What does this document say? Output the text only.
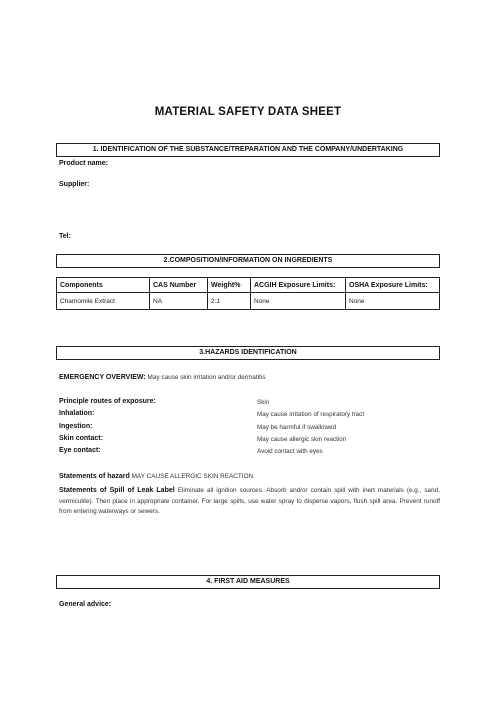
MATERIAL SAFETY DATA SHEET
1. IDENTIFICATION OF THE SUBSTANCE/TREPARATION AND THE COMPANY/UNDERTAKING
Product name:
Supplier:
Tel:
2.COMPOSITION/INFORMATION ON INGREDIENTS
Components	CAS Number	Weight%	ACGIH Exposure Limits:	OSHA Exposure Limits:
Chamomile Extract	NA	2:1	None	None
3.HAZARDS IDENTIFICATION
EMERGENCY OVERVIEW: May cause skin irritation and/or dermatitis
Principle routes of exposure:	Skin
Inhalation:	May cause irritation of respiratory tract
Ingestion:	May be harmful if swallowed
Skin contact:	May cause allergic skin reaction
Eye contact:	Avoid contact with eyes
Statements of hazard MAY CAUSE ALLERGIC SKIN REACTION.
Statements of Spill of Leak Label Eliminate all ignition sources. Absorb and/or contain spill with inert materials (e.g., sand, vermiculite). Then place in appropriate container. For large spills, use water spray to disperse vapors, flush spill area. Prevent runoff from entering waterways or sewers.
4. FIRST AID MEASURES
General advice:
